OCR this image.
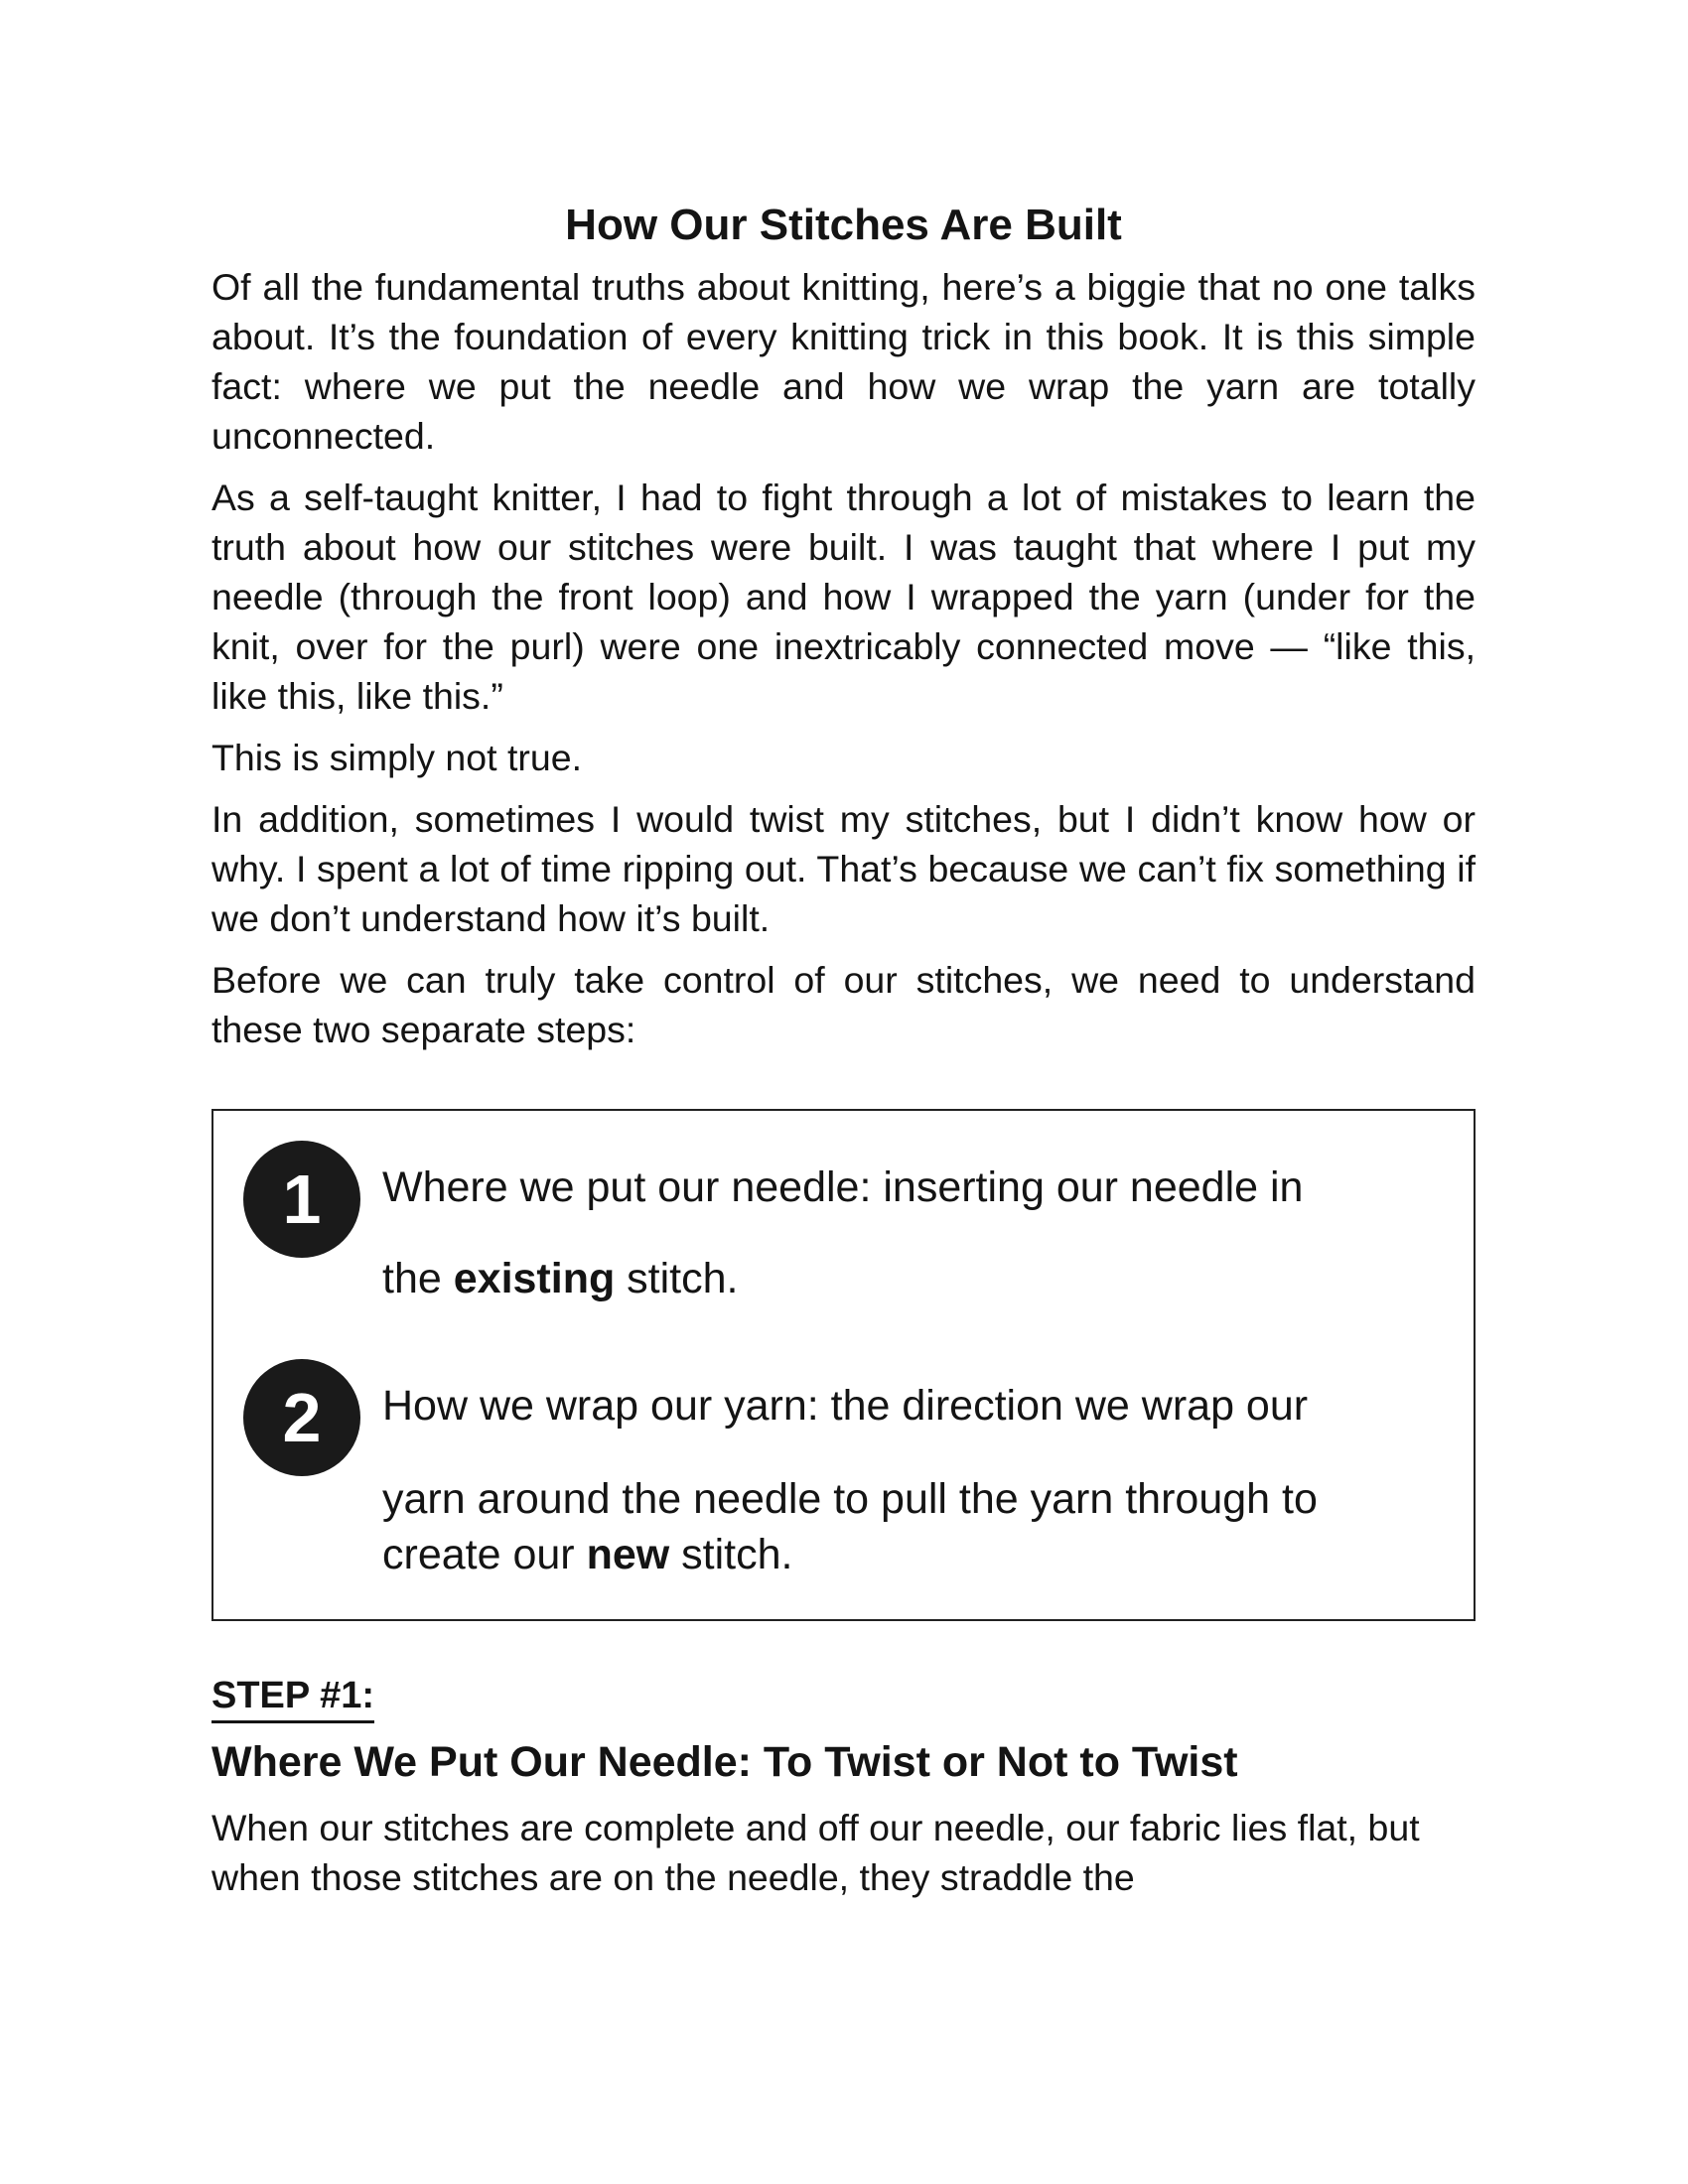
How Our Stitches Are Built

Of all the fundamental truths about knitting, here’s a biggie that no one talks about. It’s the foundation of every knitting trick in this book. It is this simple fact: where we put the needle and how we wrap the yarn are totally unconnected.

As a self-taught knitter, I had to fight through a lot of mistakes to learn the truth about how our stitches were built. I was taught that where I put my needle (through the front loop) and how I wrapped the yarn (under for the knit, over for the purl) were one inextricably connected move — “like this, like this, like this.”

This is simply not true.

In addition, sometimes I would twist my stitches, but I didn’t know how or why. I spent a lot of time ripping out. That’s because we can’t fix something if we don’t understand how it’s built.

Before we can truly take control of our stitches, we need to understand these two separate steps:

1	Where we put our needle: inserting our needle in
the existing stitch.
2	How we wrap our yarn: the direction we wrap our
yarn around the needle to pull the yarn through to
create our new stitch.
STEP #1:
Where We Put Our Needle: To Twist or Not to Twist

When our stitches are complete and off our needle, our fabric lies flat, but when those stitches are on the needle, they straddle the
